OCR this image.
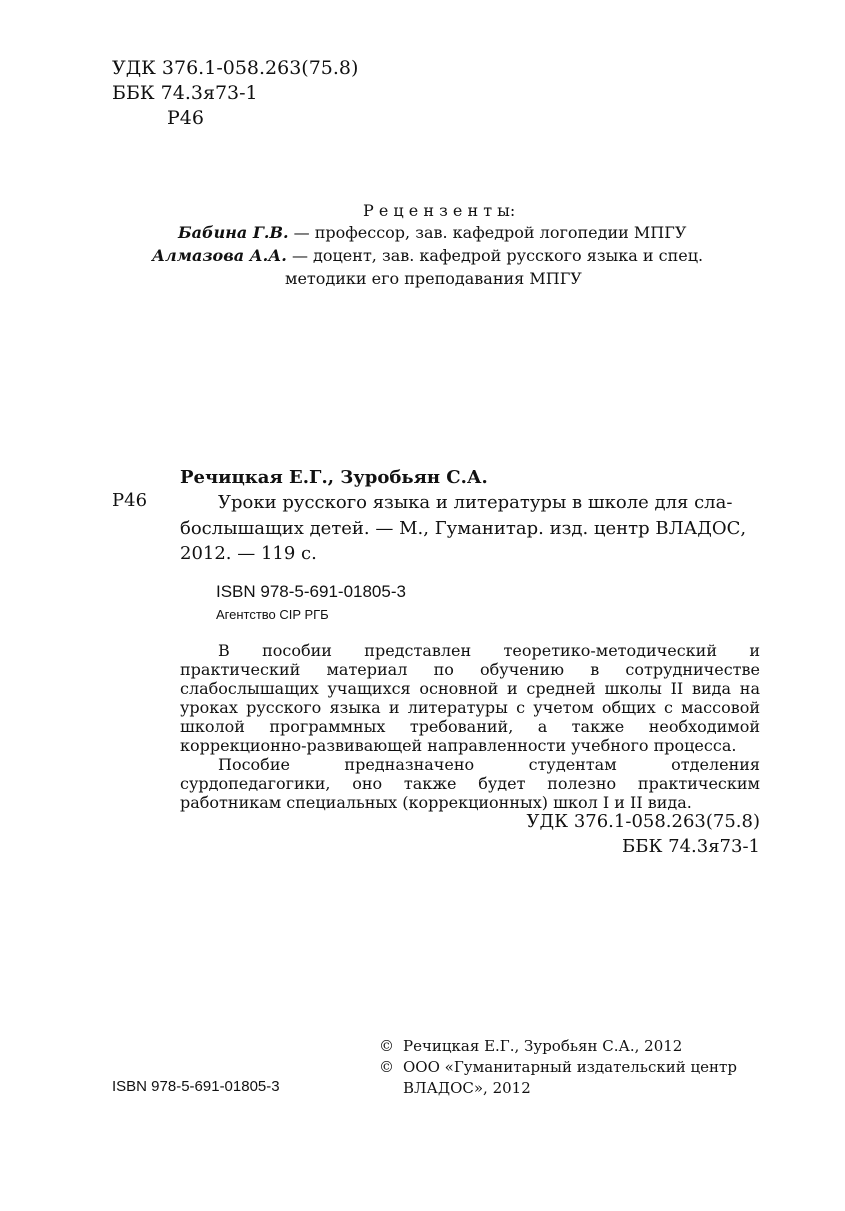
УДК 376.1-058.263(75.8)
ББК 74.3я73-1
Р46
Р е ц е н з е н т ы:
Бабина Г.В. — профессор, зав. кафедрой логопедии МПГУ
Алмазова А.А. — доцент, зав. кафедрой русского языка и спец.
методики его преподавания МПГУ
Речицкая Е.Г., Зуробьян С.А.
Р46	Уроки русского языка и литературы в школе для сла-
бослышащих детей. — М., Гуманитар. изд. центр ВЛАДОС,
2012. — 119 с.
ISBN 978-5-691-01805-3
Агентство CIP РГБ

В пособии представлен теоретико-методический и практический материал по обучению в сотрудничестве слабослышащих учащихся основной и средней школы II вида на уроках русского языка и литературы с учетом общих с массовой школой программных требований, а также необходимой коррекционно-развивающей направленности учебного процесса.

Пособие предназначено студентам отделения сурдопедагогики, оно также будет полезно практическим работникам специальных (коррекционных) школ I и II вида.

УДК 376.1-058.263(75.8)
ББК 74.3я73-1
© Речицкая Е.Г., Зуробьян С.А., 2012
© ООО «Гуманитарный издательский центр
ВЛАДОС», 2012
ISBN 978-5-691-01805-3
